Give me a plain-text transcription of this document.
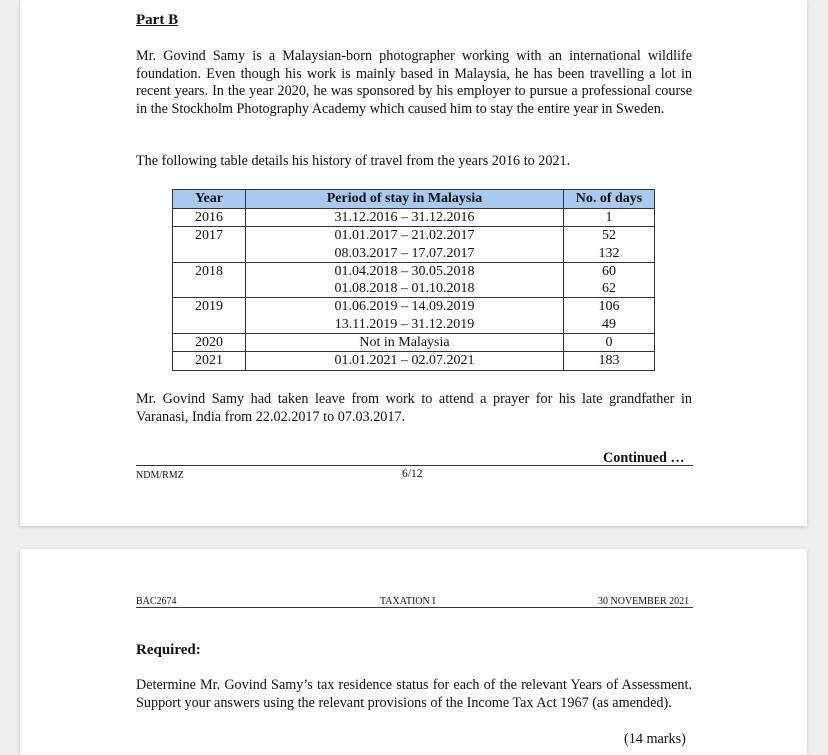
Part B
Mr. Govind Samy is a Malaysian-born photographer working with an international wildlife foundation. Even though his work is mainly based in Malaysia, he has been travelling a lot in recent years. In the year 2020, he was sponsored by his employer to pursue a professional course in the Stockholm Photography Academy which caused him to stay the entire year in Sweden.
The following table details his history of travel from the years 2016 to 2021.
Year	Period of stay in Malaysia	No. of days
2016	31.12.2016 – 31.12.2016	1
2017	01.01.2017 – 21.02.2017	52
	08.03.2017 – 17.07.2017	132
2018	01.04.2018 – 30.05.2018	60
	01.08.2018 – 01.10.2018	62
2019	01.06.2019 – 14.09.2019	106
	13.11.2019 – 31.12.2019	49
2020	Not in Malaysia	0
2021	01.01.2021 – 02.07.2021	183
Mr. Govind Samy had taken leave from work to attend a prayer for his late grandfather in Varanasi, India from 22.02.2017 to 07.03.2017.
Continued …
NDM/RMZ	6/12
BAC2674	TAXATION I	30 NOVEMBER 2021
Required:
Determine Mr. Govind Samy’s tax residence status for each of the relevant Years of Assessment. Support your answers using the relevant provisions of the Income Tax Act 1967 (as amended).
(14 marks)
